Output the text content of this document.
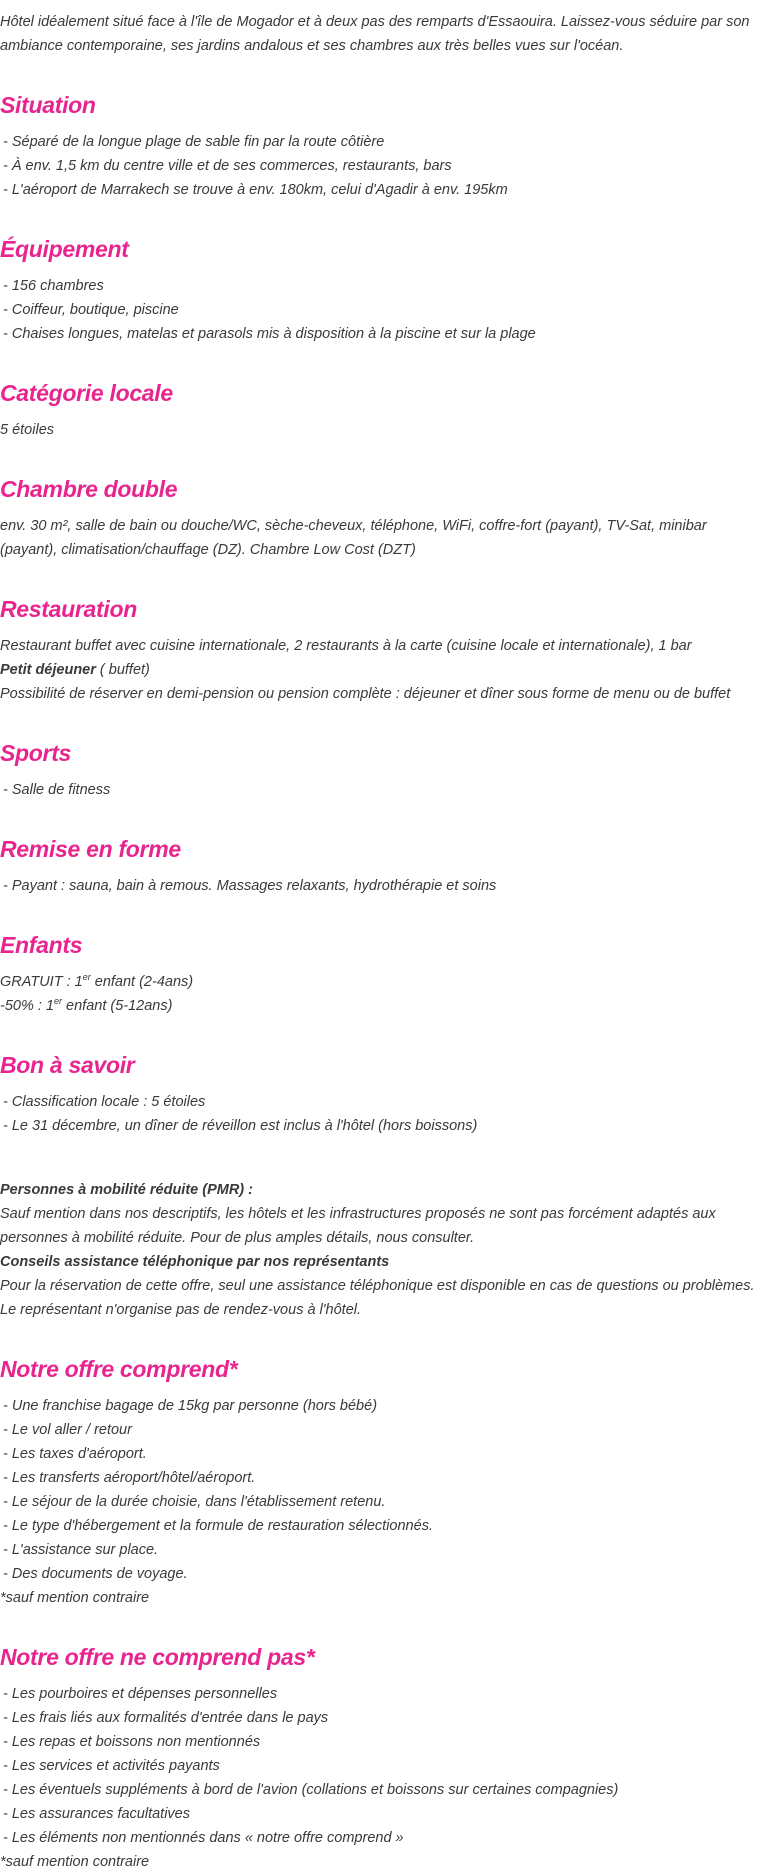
Hôtel idéalement situé face à l'île de Mogador et à deux pas des remparts d'Essaouira. Laissez-vous séduire par son ambiance contemporaine, ses jardins andalous et ses chambres aux très belles vues sur l'océan.

Situation

- Séparé de la longue plage de sable fin par la route côtière

- À env. 1,5 km du centre ville et de ses commerces, restaurants, bars

- L'aéroport de Marrakech se trouve à env. 180km, celui d'Agadir à env. 195km

Équipement

- 156 chambres

- Coiffeur, boutique, piscine

- Chaises longues, matelas et parasols mis à disposition à la piscine et sur la plage

Catégorie locale

5 étoiles

Chambre double

env. 30 m², salle de bain ou douche/WC, sèche-cheveux, téléphone, WiFi, coffre-fort (payant), TV-Sat, minibar (payant), climatisation/chauffage (DZ). Chambre Low Cost (DZT)

Restauration

Restaurant buffet avec cuisine internationale, 2 restaurants à la carte (cuisine locale et internationale), 1 bar

Petit déjeuner ( buffet)

Possibilité de réserver en demi-pension ou pension complète : déjeuner et dîner sous forme de menu ou de buffet

Sports

- Salle de fitness

Remise en forme

- Payant : sauna, bain à remous. Massages relaxants, hydrothérapie et soins

Enfants

GRATUIT : 1er enfant (2-4ans)

-50% : 1er enfant (5-12ans)

Bon à savoir

- Classification locale : 5 étoiles

- Le 31 décembre, un dîner de réveillon est inclus à l'hôtel (hors boissons)

Personnes à mobilité réduite (PMR) :

Sauf mention dans nos descriptifs, les hôtels et les infrastructures proposés ne sont pas forcément adaptés aux personnes à mobilité réduite. Pour de plus amples détails, nous consulter.

Conseils assistance téléphonique par nos représentants

Pour la réservation de cette offre, seul une assistance téléphonique est disponible en cas de questions ou problèmes. Le représentant n'organise pas de rendez-vous à l'hôtel.

Notre offre comprend*

- Une franchise bagage de 15kg par personne (hors bébé)

- Le vol aller / retour

- Les taxes d'aéroport.

- Les transferts aéroport/hôtel/aéroport.

- Le séjour de la durée choisie, dans l'établissement retenu.

- Le type d'hébergement et la formule de restauration sélectionnés.

- L'assistance sur place.

- Des documents de voyage.

*sauf mention contraire

Notre offre ne comprend pas*

- Les pourboires et dépenses personnelles

- Les frais liés aux formalités d'entrée dans le pays

- Les repas et boissons non mentionnés

- Les services et activités payants

- Les éventuels suppléments à bord de l'avion (collations et boissons sur certaines compagnies)

- Les assurances facultatives

- Les éléments non mentionnés dans « notre offre comprend »

*sauf mention contraire
